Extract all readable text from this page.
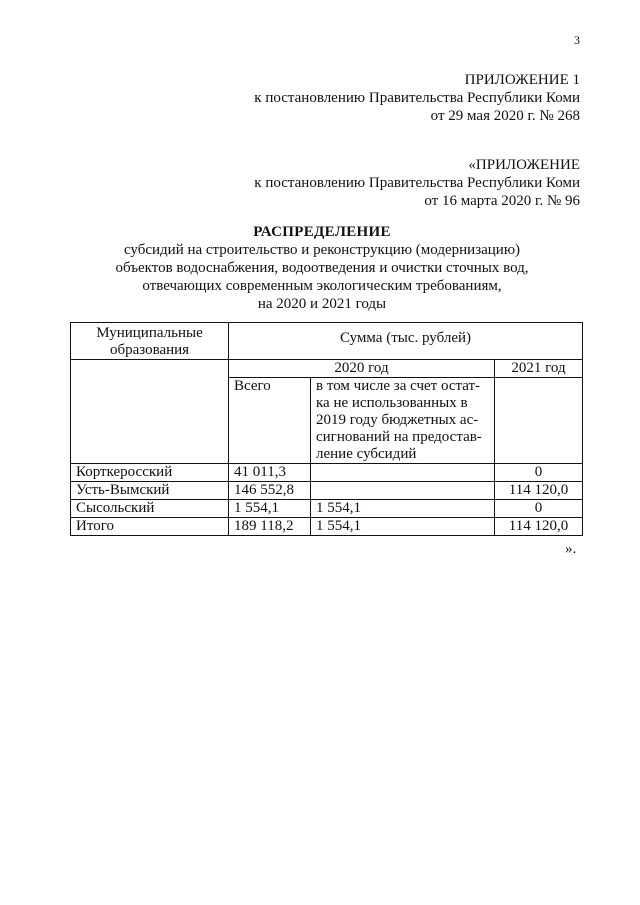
3
ПРИЛОЖЕНИЕ 1
к постановлению Правительства Республики Коми
от 29 мая 2020 г. № 268
«ПРИЛОЖЕНИЕ
к постановлению Правительства Республики Коми
от 16 марта 2020 г. № 96
РАСПРЕДЕЛЕНИЕ
субсидий на строительство и реконструкцию (модернизацию)
объектов водоснабжения, водоотведения и очистки сточных вод,
отвечающих современным экологическим требованиям,
на 2020 и 2021 годы
Муниципальные
образования	Сумма (тыс. рублей)		
	2020 год		2021 год
	Всего	в том числе за счет остат-
ка не использованных в
2019 году бюджетных ас-
сигнований на предостав-
ление субсидий	

Корткеросский	41 011,3		0
Усть-Вымский	146 552,8		114 120,0
Сысольский	1 554,1	1 554,1	0
Итого	189 118,2	1 554,1	114 120,0
».
